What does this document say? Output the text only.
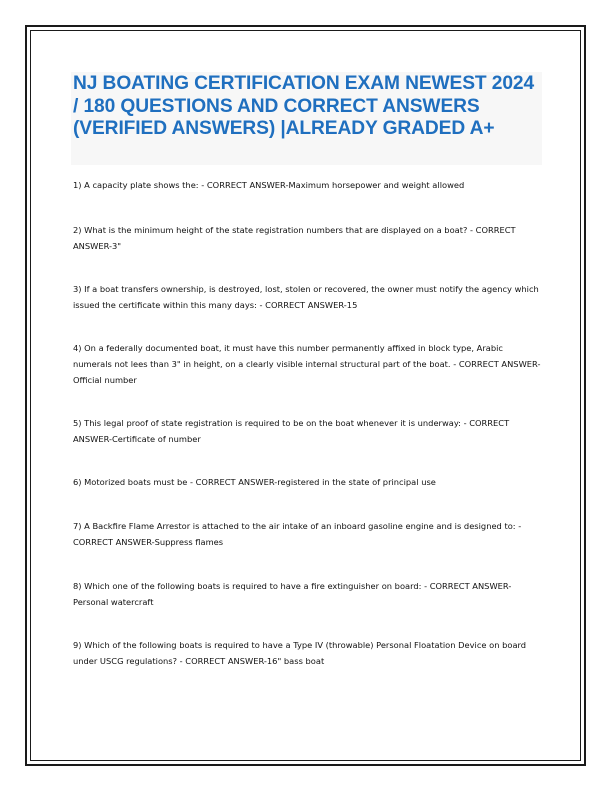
NJ BOATING CERTIFICATION EXAM NEWEST 2024 / 180 QUESTIONS AND CORRECT ANSWERS (VERIFIED ANSWERS) |ALREADY GRADED A+

1) A capacity plate shows the: - CORRECT ANSWER-Maximum horsepower and weight allowed

2) What is the minimum height of the state registration numbers that are displayed on a boat? - CORRECT ANSWER-3"

3) If a boat transfers ownership, is destroyed, lost, stolen or recovered, the owner must notify the agency which issued the certificate within this many days: - CORRECT ANSWER-15

4) On a federally documented boat, it must have this number permanently affixed in block type, Arabic numerals not lees than 3" in height, on a clearly visible internal structural part of the boat. - CORRECT ANSWER-Official number

5) This legal proof of state registration is required to be on the boat whenever it is underway: - CORRECT ANSWER-Certificate of number

6) Motorized boats must be - CORRECT ANSWER-registered in the state of principal use

7) A Backfire Flame Arrestor is attached to the air intake of an inboard gasoline engine and is designed to: - CORRECT ANSWER-Suppress flames

8) Which one of the following boats is required to have a fire extinguisher on board: - CORRECT ANSWER-Personal watercraft

9) Which of the following boats is required to have a Type IV (throwable) Personal Floatation Device on board under USCG regulations? - CORRECT ANSWER-16" bass boat
